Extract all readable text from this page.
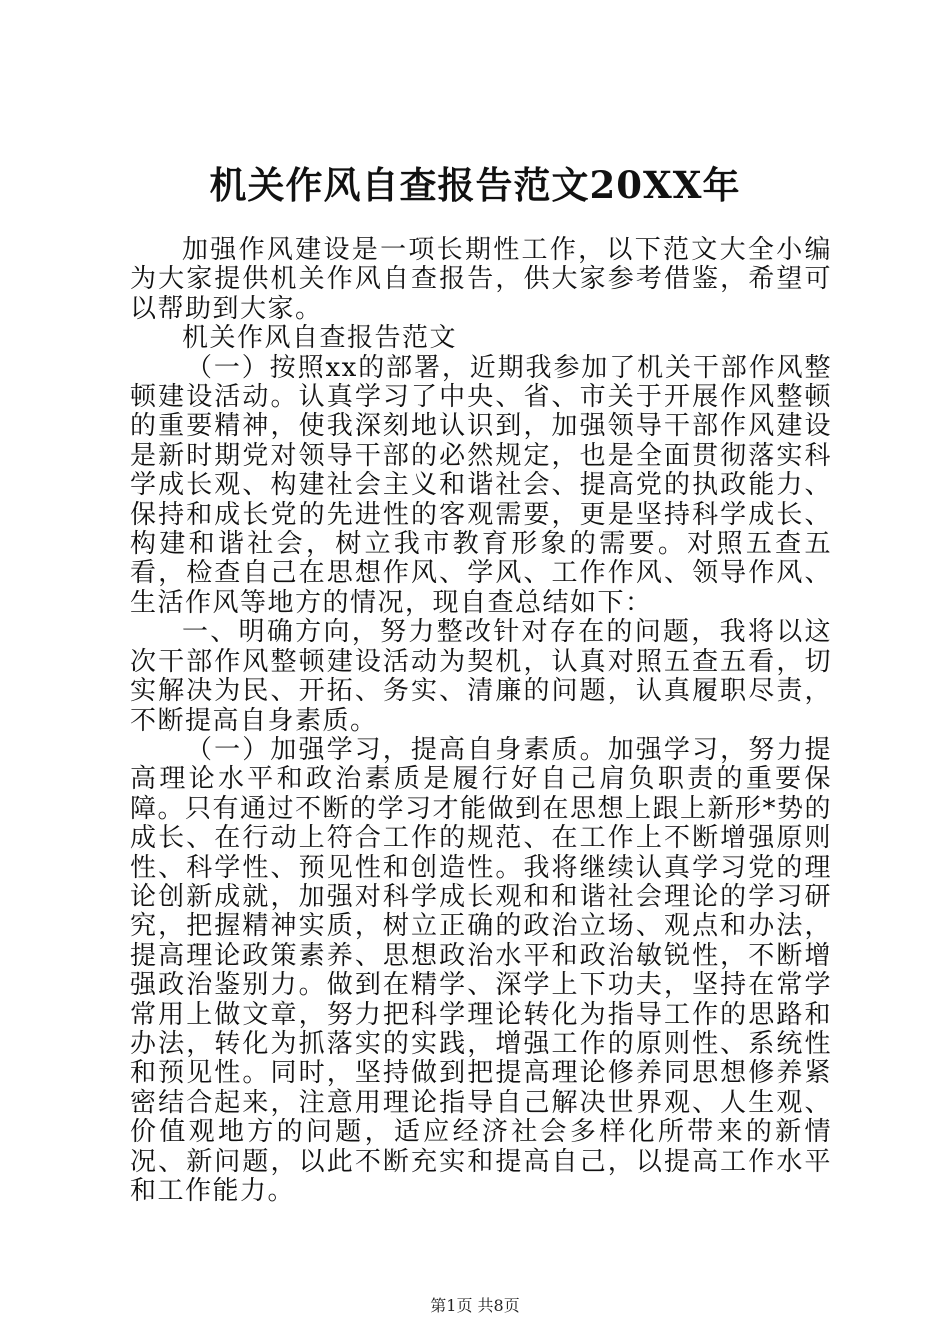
机关作风自查报告范文20XX年

加强作风建设是一项长期性工作，以下范文大全小编为大家提供机关作风自查报告，供大家参考借鉴，希望可以帮助到大家。

机关作风自查报告范文

（一）按照xx的部署，近期我参加了机关干部作风整顿建设活动。认真学习了中央、省、市关于开展作风整顿的重要精神，使我深刻地认识到，加强领导干部作风建设是新时期党对领导干部的必然规定，也是全面贯彻落实科学成长观、构建社会主义和谐社会、提高党的执政能力、保持和成长党的先进性的客观需要，更是坚持科学成长、构建和谐社会，树立我市教育形象的需要。对照五查五看，检查自己在思想作风、学风、工作作风、领导作风、生活作风等地方的情况，现自查总结如下：

一、明确方向，努力整改针对存在的问题，我将以这次干部作风整顿建设活动为契机，认真对照五查五看，切实解决为民、开拓、务实、清廉的问题，认真履职尽责，不断提高自身素质。

（一）加强学习，提高自身素质。加强学习，努力提高理论水平和政治素质是履行好自己肩负职责的重要保障。只有通过不断的学习才能做到在思想上跟上新形*势的成长、在行动上符合工作的规范、在工作上不断增强原则性、科学性、预见性和创造性。我将继续认真学习党的理论创新成就，加强对科学成长观和和谐社会理论的学习研究，把握精神实质，树立正确的政治立场、观点和办法，提高理论政策素养、思想政治水平和政治敏锐性，不断增强政治鉴别力。做到在精学、深学上下功夫，坚持在常学常用上做文章，努力把科学理论转化为指导工作的思路和办法，转化为抓落实的实践，增强工作的原则性、系统性和预见性。同时，坚持做到把提高理论修养同思想修养紧密结合起来，注意用理论指导自己解决世界观、人生观、价值观地方的问题，适应经济社会多样化所带来的新情况、新问题，以此不断充实和提高自己，以提高工作水平和工作能力。

第1页 共8页
